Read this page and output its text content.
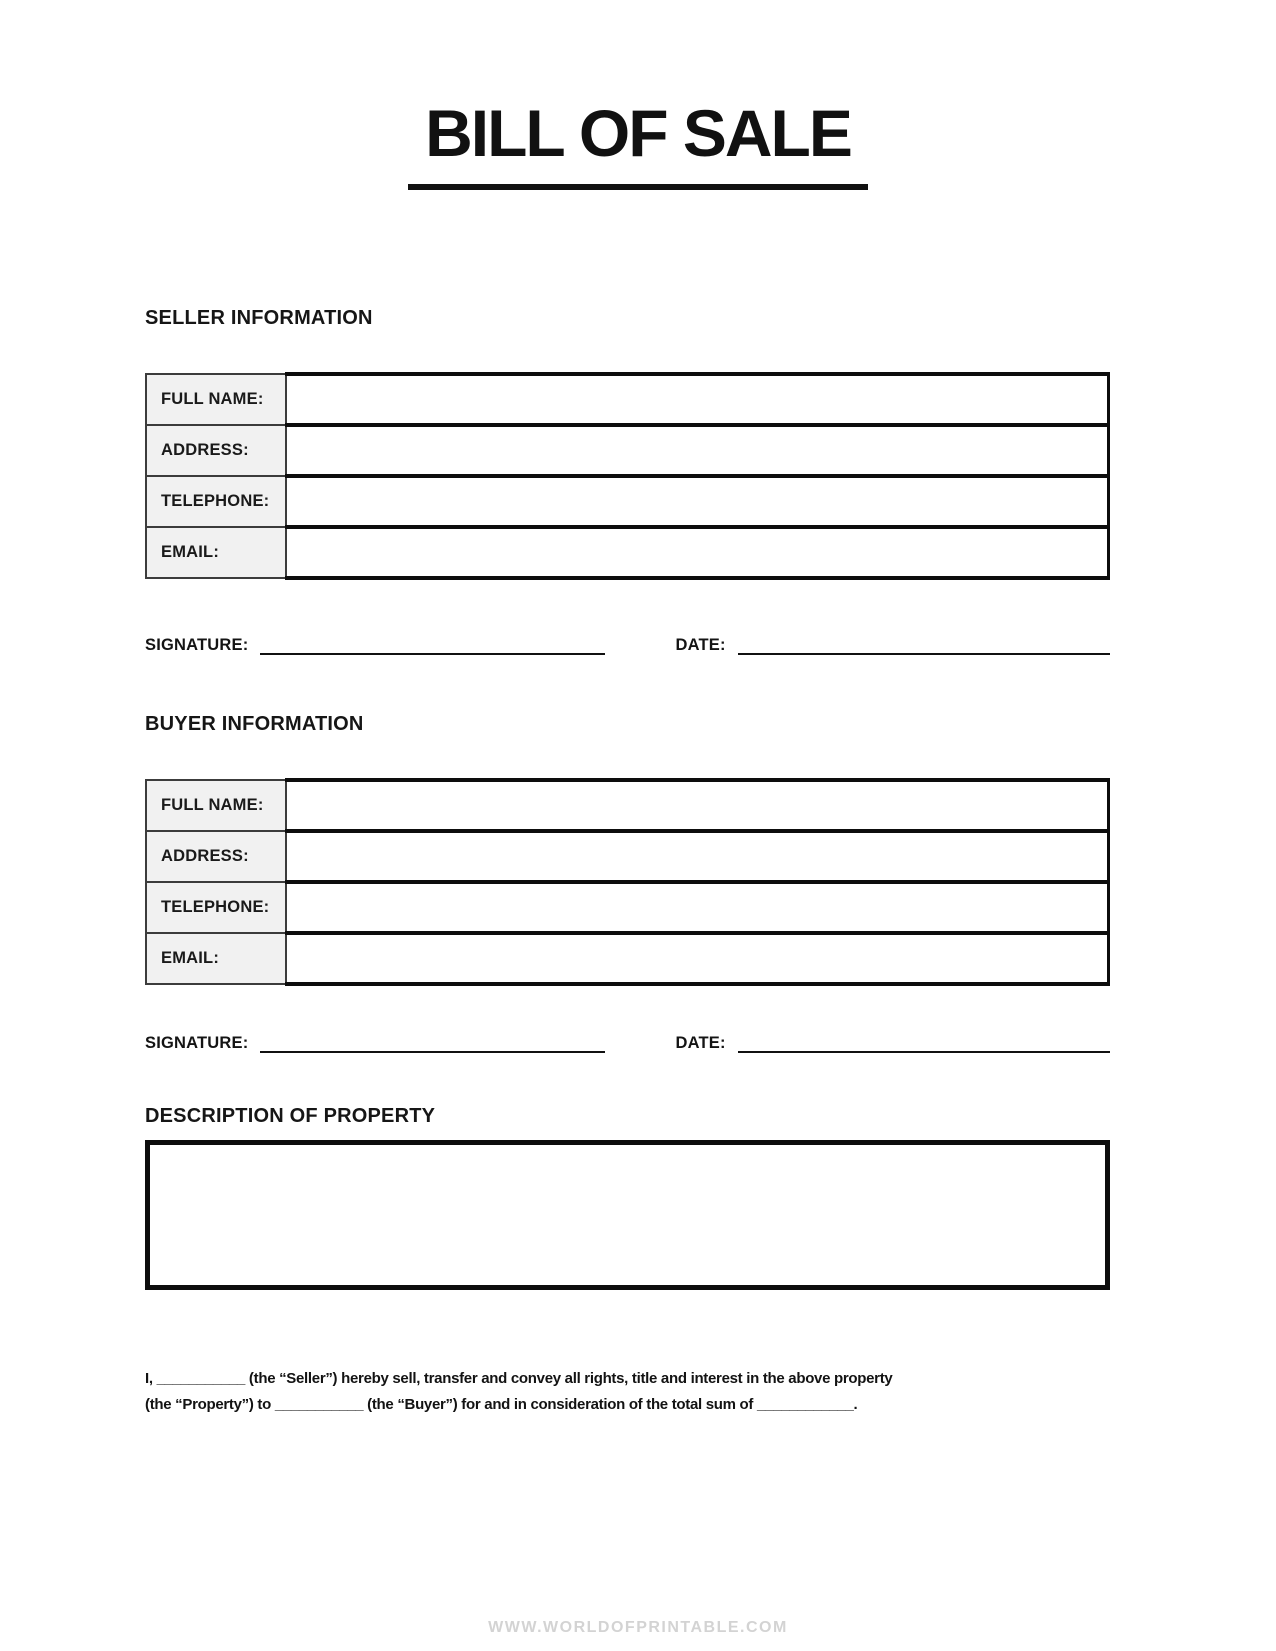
BILL OF SALE
SELLER INFORMATION
FULL NAME:	
ADDRESS:	
TELEPHONE:	
EMAIL:	
SIGNATURE:	DATE:
BUYER INFORMATION
FULL NAME:	
ADDRESS:	
TELEPHONE:	
EMAIL:	
SIGNATURE:	DATE:
DESCRIPTION OF PROPERTY

I, ___________ (the “Seller”) hereby sell, transfer and convey all rights, title and interest in the above property

(the “Property”) to ___________ (the “Buyer”) for and in consideration of the total sum of ____________.

WWW.WORLDOFPRINTABLE.COM
